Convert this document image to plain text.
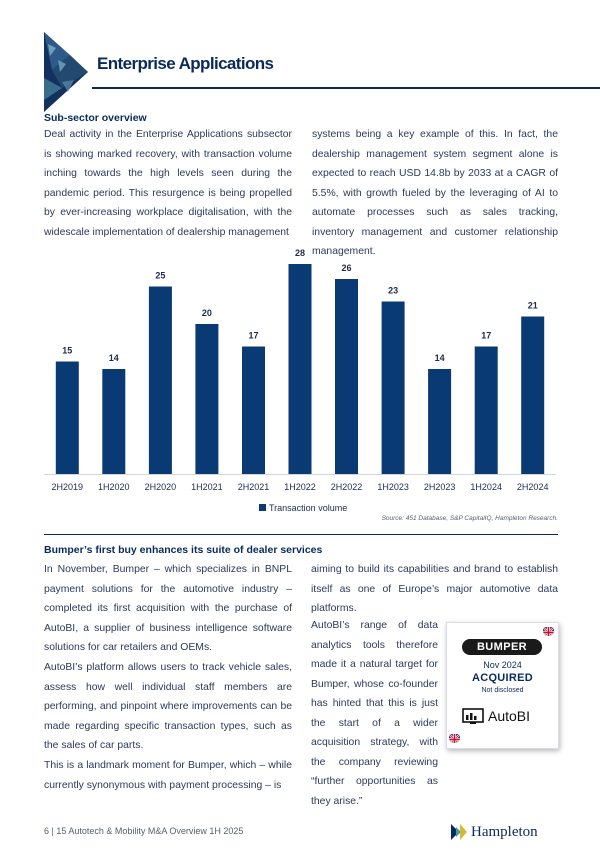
Enterprise Applications
Sub-sector overview

Deal activity in the Enterprise Applications subsector is showing marked recovery, with transaction volume inching towards the high levels seen during the pandemic period. This resurgence is being propelled by ever-increasing workplace digitalisation, with the widescale implementation of dealership management

systems being a key example of this. In fact, the dealership management system segment alone is expected to reach USD 14.8b by 2033 at a CAGR of 5.5%, with growth fueled by the leveraging of AI to automate processes such as sales tracking, inventory management and customer relationship management.

15
2H2019
14
1H2020
25
2H2020
20
1H2021
17
2H2021
28
1H2022
26
2H2022
23
1H2023
14
2H2023
17
1H2024
21
2H2024
Transaction volume
Source: 451 Database, S&P CapitalIQ, Hampleton Research.
Bumper’s first buy enhances its suite of dealer services

In November, Bumper – which specializes in BNPL payment solutions for the automotive industry – completed its first acquisition with the purchase of AutoBI, a supplier of business intelligence software solutions for car retailers and OEMs.

AutoBI’s platform allows users to track vehicle sales, assess how well individual staff members are performing, and pinpoint where improvements can be made regarding specific transaction types, such as the sales of car parts.

This is a landmark moment for Bumper, which – while currently synonymous with payment processing – is

aiming to build its capabilities and brand to establish itself as one of Europe’s major automotive data platforms.

AutoBI’s range of data analytics tools therefore made it a natural target for Bumper, whose co-founder has hinted that this is just the start of a wider acquisition strategy, with the company reviewing “further opportunities as they arise.”

BUMPER
Nov 2024
ACQUIRED
Not disclosed
AutoBI
6 | 15 Autotech & Mobility M&A Overview 1H 2025	Hampleton
